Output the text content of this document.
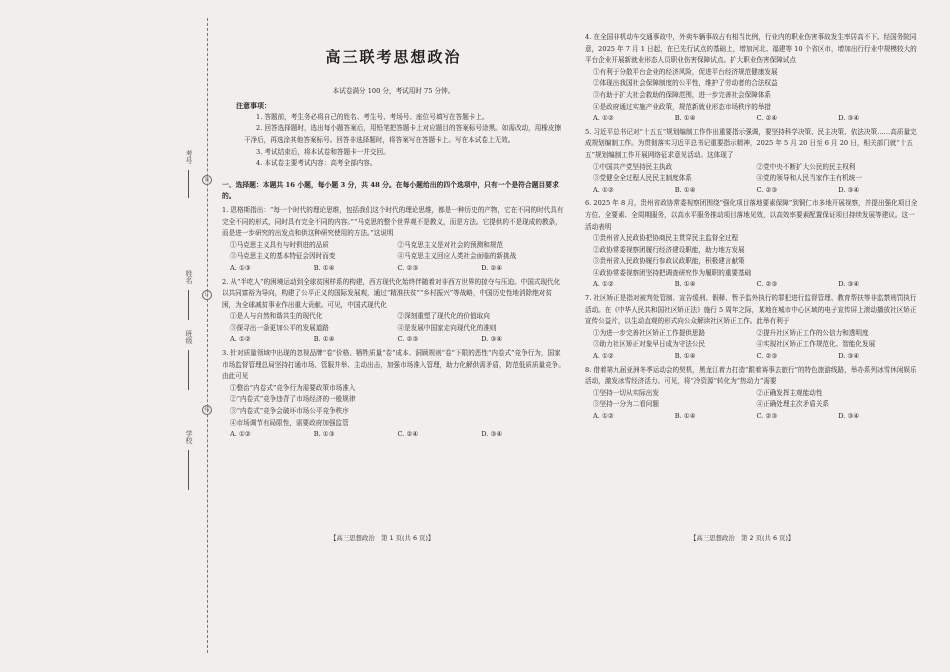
考号
姓名
班级
学校
装
订
线
高三联考思想政治
本试卷满分 100 分，考试用时 75 分钟。
注意事项：

1. 答题前，考生务必将自己的姓名、考生号、考场号、座位号填写在答题卡上。

2. 回答选择题时，选出每小题答案后，用铅笔把答题卡上对应题目的答案标号涂黑。如需改动，用橡皮擦干净后，再选涂其他答案标号。回答非选择题时，将答案写在答题卡上。写在本试卷上无效。

3. 考试结束后，将本试卷和答题卡一并交回。

4. 本试卷主要考试内容：高考全部内容。

一、选择题：本题共 16 小题，每小题 3 分，共 48 分。在每小题给出的四个选项中，只有一个是符合题目要求的。
1. 恩格斯指出：“每一个时代的理论思维，包括我们这个时代的理论思维，都是一种历史的产物，它在不同的时代具有完全不同的形式，同时具有完全不同的内容。”“马克思的整个世界观不是教义，而是方法。它提供的不是现成的教条，而是进一步研究的出发点和供这种研究使用的方法。”这说明
①马克思主义具有与时俱进的品质	②马克思主义是对社会的预测和规范
③马克思主义的基本特征会因时而变	④马克思主义回应人类社会面临的新挑战
A. ①③	B. ①④	C. ②③	D. ②④
2. 从“半吃人”的困境运动到全球贫困样系的构建，西方现代化始终伴随着对非西方世界的掠夺与压迫。中国式现代化以共同富裕为导向，构建了公平正义的国际发展观，通过“精准扶贫”“乡村振兴”等战略，中国历史性地消除绝对贫困，为全球减贫事业作出重大贡献。可见，中国式现代化
①是人与自然和谐共生的现代化	②深刻重塑了现代化的价值取向
③探寻出一条更加公平的发展道路	④是发展中国家走向现代化的准则
A. ①②	B. ①④	C. ②③	D. ③④
3. 针对质量领域中出现的忽视品牌“卷”价格、牺牲质量“卷”成本、洞顾规则“卷”下限的恶性“内卷式”竞争行为，国家市场监督管理总局坚持打通市场、管服并举、主动出击，加强市场准入管理，助力化解供需矛盾，防范低质质量竞争。由此可见
①整治“内卷式”竞争行为需要政策市场准入
②“内卷式”竞争违背了市场经济的一般规律
③“内卷式”竞争会破坏市场公平竞争秩序
④市场调节有局限性，需要政府加强监管
A. ①②	B. ①③	C. ②④	D. ③④
4. 在全国非机动车交通事故中，外卖车辆事故占有相当比例，行业内的职业伤害事故发生率居高不下。经国务院同意，2025 年 7 月 1 日起，在已先行试点的基础上，增加河北、福建等 10 个省区市，增加出行行业中规模较大的平台企业开展新就业形态人员职业伤害保障试点。扩大职业伤害保障试点
①有利于分散平台企业的经济风险，促进平台经济规范健康发展
②体现出我国社会保障制度的公平性，维护了劳动者的合法权益
③有助于扩大社会救助的保障范围，进一步完善社会保障体系
④是政府通过实施产业政策，规范新就业形态市场秩序的举措
A. ①②	B. ①④	C. ②④	D. ③④
5. 习近平总书记对“十五五”规划编制工作作出重要指示强调，要坚持科学决策、民主决策、依法决策……高质量完成规划编制工作。为贯彻落实习近平总书记重要指示精神，2025 年 5 月 20 日至 6 月 20 日，相关部门就“十五五”规划编制工作开展网络征求意见活动。这体现了
①中国共产党坚持民主执政	②党中央不断扩大公民的民主权利
③党健全全过程人民民主制度体系	④党的领导和人民当家作主有机统一
A. ①②	B. ①④	C. ②③	D. ③④
6. 2025 年 8 月，贵州省政协常委视察团围绕“强化项目落地要素保障”到铜仁市多地开展视察，并提出强化项目全方位、全要素、全周期服务，以高水平服务推动项目落地见效，以高效率要素配置保证项目持续发展等建议。这一活动表明
①贵州省人民政协把协商民主贯穿民主监督全过程
②政协常委视察团履行经济建设职能，助力地方发展
③贵州省人民政协履行参政议政职能，积极建言献策
④政协常委视察团坚持把调查研究作为履职的重要基础
A. ①②	B. ①④	C. ②③	D. ③④
7. 社区矫正是指对被判处管制、宣告缓刑、假释、暂予监外执行的罪犯进行监督管理、教育帮扶等非监禁刑罚执行活动。在《中华人民共和国社区矫正法》施行 5 周年之际，某地在城市中心区域的电子宣传屏上滚动播放社区矫正宣传公益片，以生动直观的形式向公众解读社区矫正工作。此举有利于
①为进一步完善社区矫正工作提供思路	②提升社区矫正工作的公信力和透明度
③助力社区矫正对象早日成为守法公民	④实现社区矫正工作规范化、智能化发展
A. ①②	B. ①④	C. ②③	D. ③④
8. 借着第九届亚洲冬季运动会的契机，黑龙江着力打造“跟着赛事去旅行”的特色旅游线路，举办系列冰雪休闲娱乐活动，激发冰雪经济活力。可见，将“冷资源”转化为“热动力”需要
①坚持一切从实际出发	②正确发挥主观能动性
③坚持一分为二看问题	④正确处理主次矛盾关系
A. ①②	B. ①④	C. ②③	D. ③④
【高三思想政治　第 1 页(共 6 页)】	【高三思想政治　第 2 页(共 6 页)】
